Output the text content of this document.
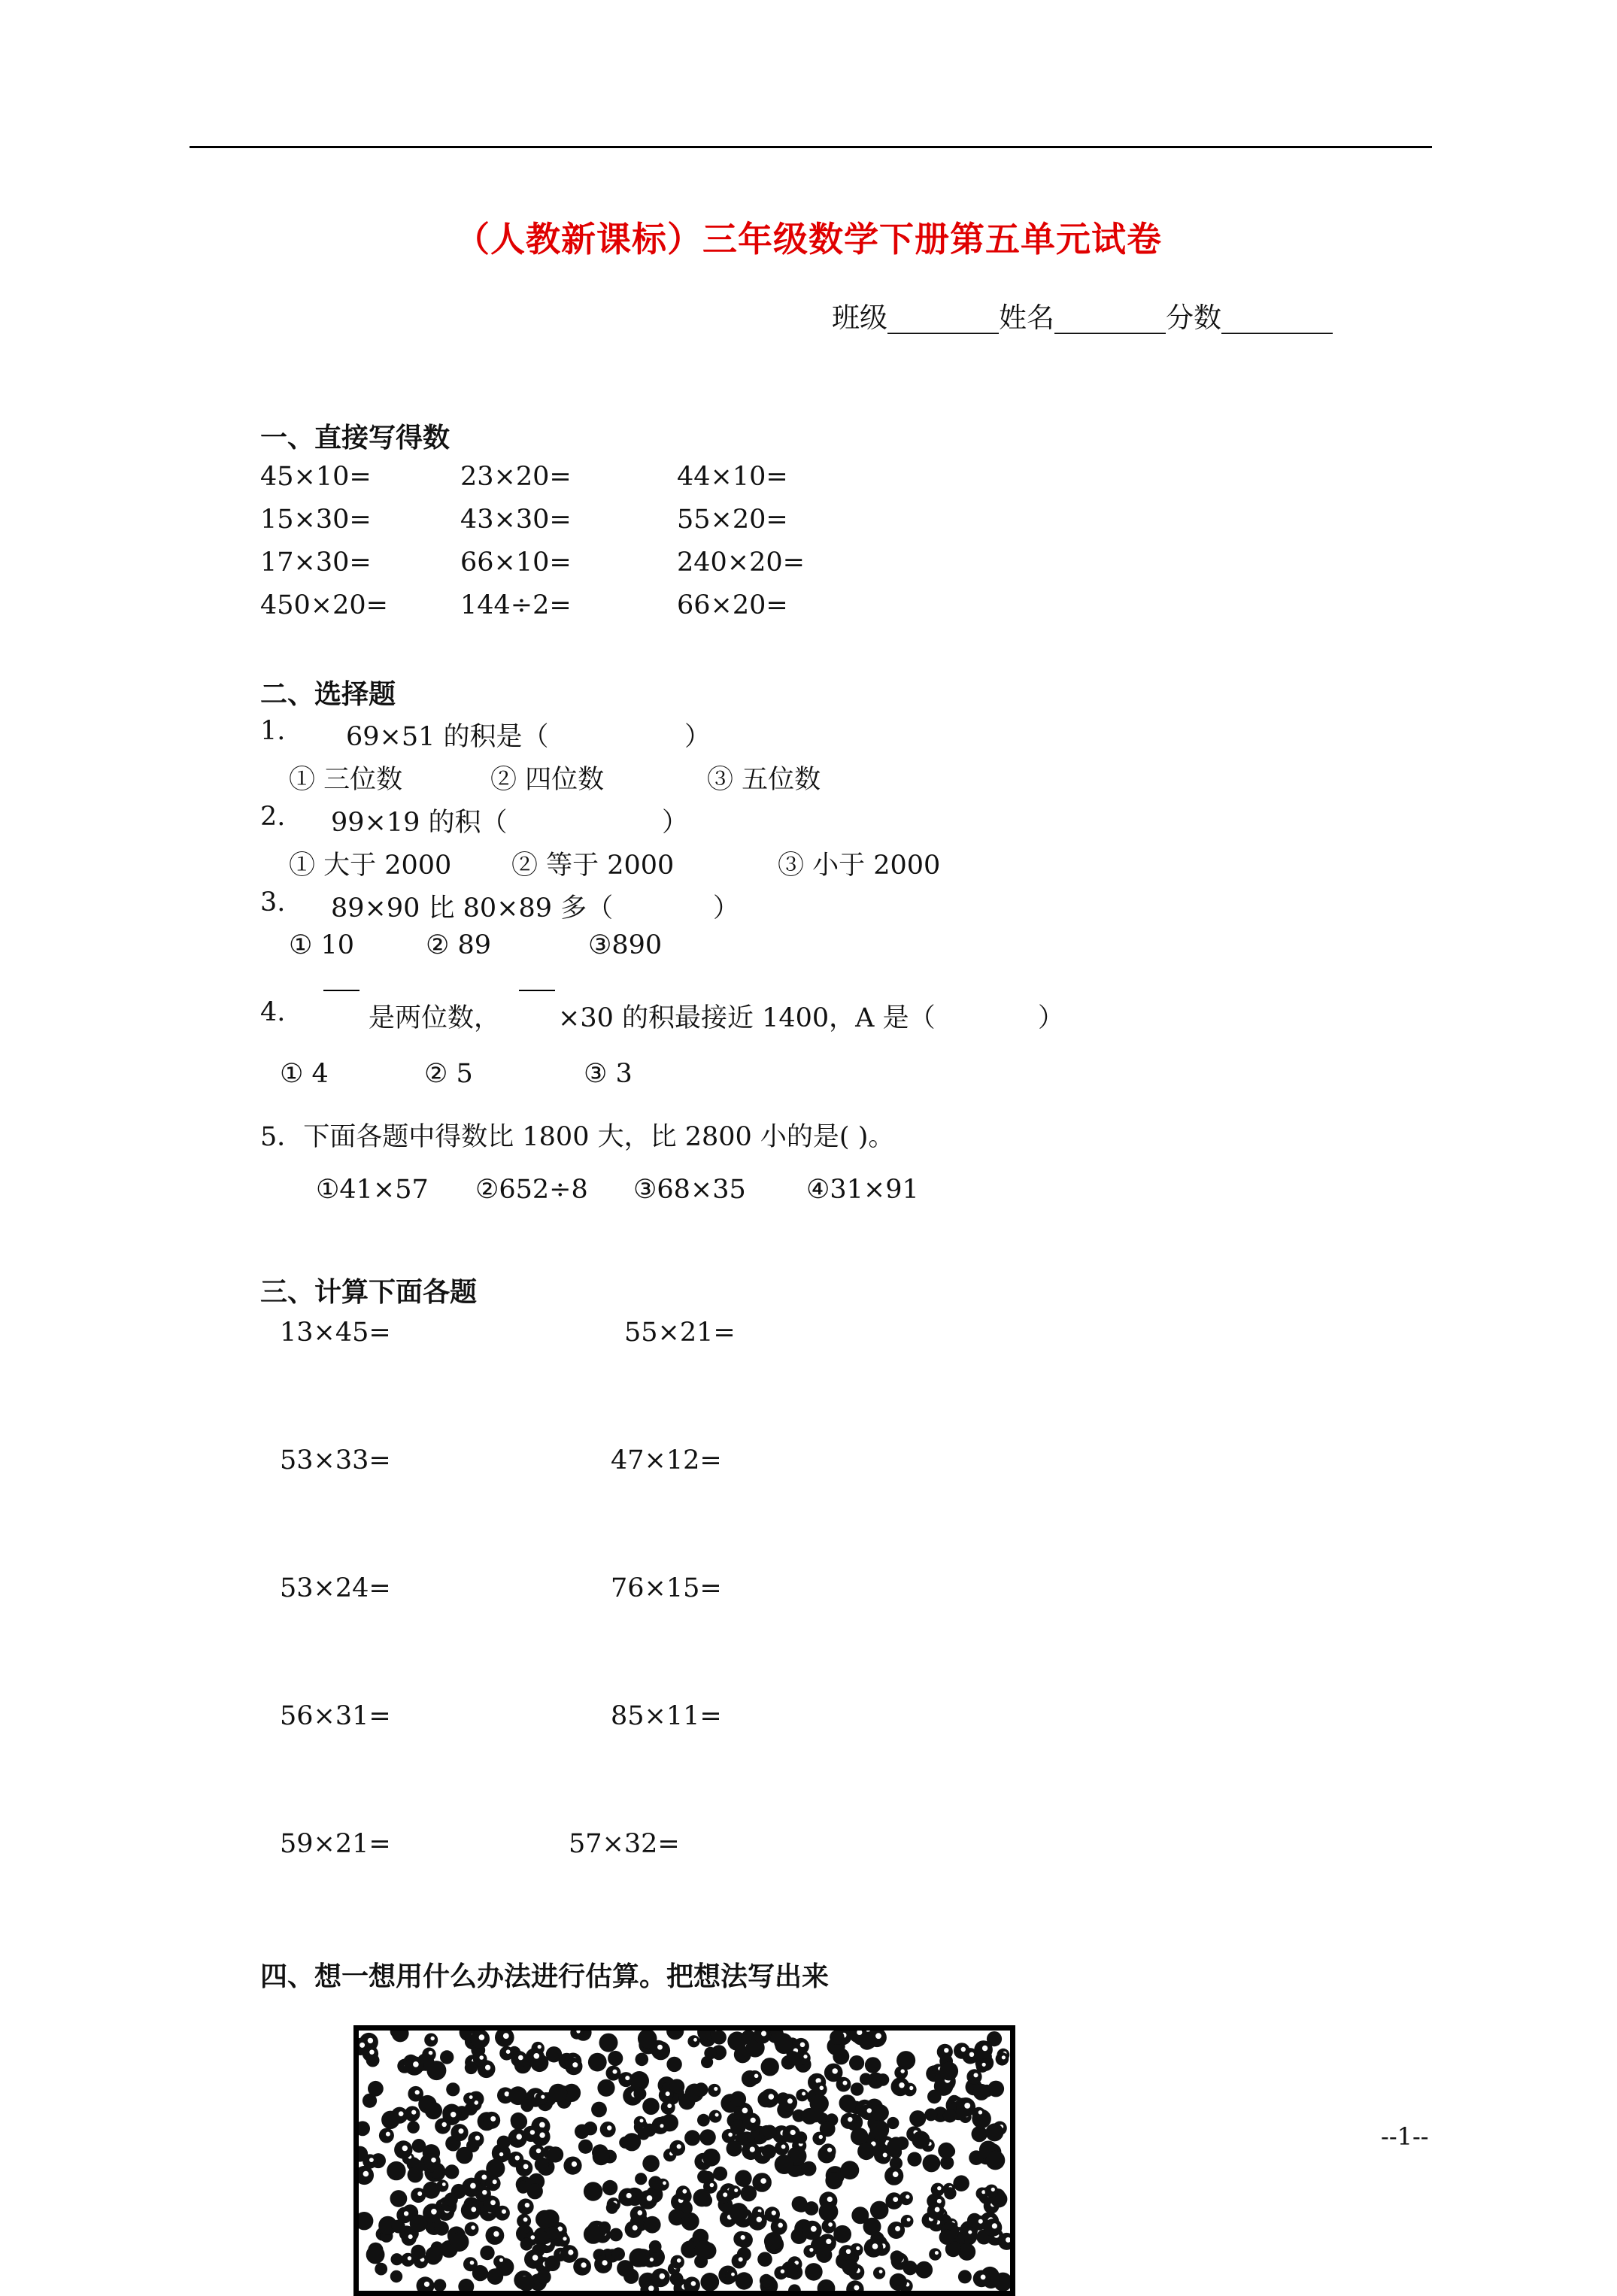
（人教新课标）三年级数学下册第五单元试卷
班级________姓名________分数________
一、直接写得数
45×10=	23×20=	44×10=
15×30=	43×30=	55×20=
17×30=	66×10=	240×20=
450×20=	144÷2=	66×20=
二、选择题
1. 69×51 的积是（	）
① 三位数	② 四位数	③ 五位数
2. 99×19 的积（	）
① 大于 2000 ② 等于 2000	③ 小于 2000
3. 89×90 比 80×89 多（	）
① 10	② 89	③890
4.	是两位数， ×30 的积最接近 1400，A 是（	）
① 4	② 5	③ 3
5．下面各题中得数比 1800 大，比 2800 小的是( )。
①41×57 ②652÷8 ③68×35 ④31×91
三、计算下面各题
13×45=	55×21=
53×33=	47×12=
53×24=	76×15=
56×31=	85×11=
59×21=	57×32=
四、想一想用什么办法进行估算。把想法写出来
--1--
